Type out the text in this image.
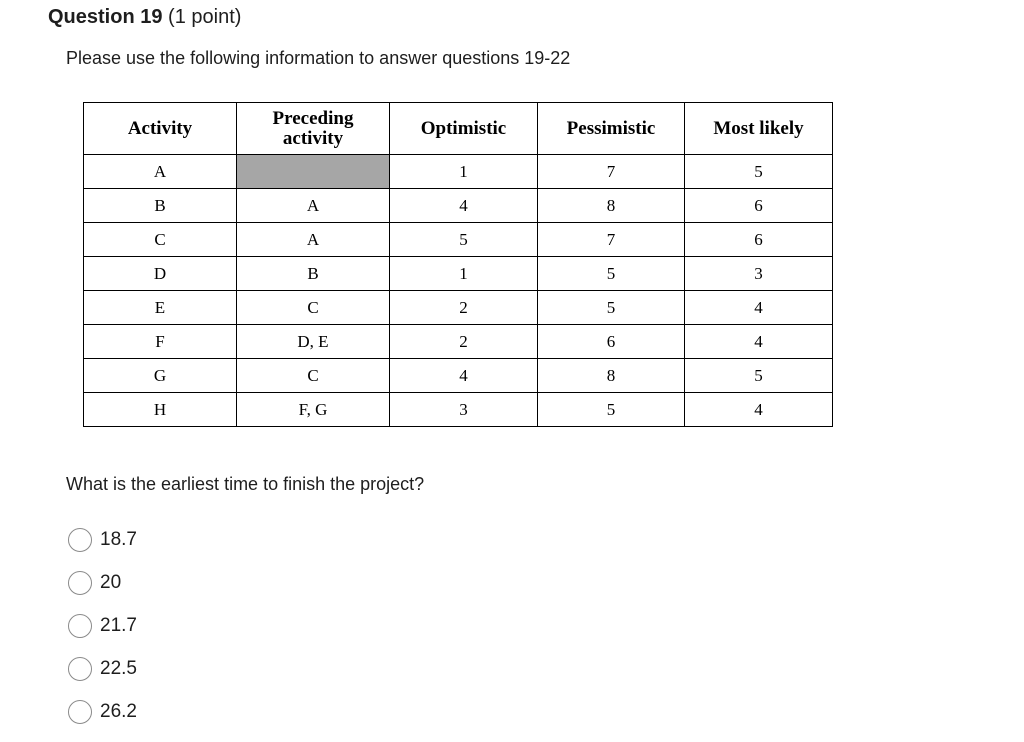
Question 19 (1 point)
Please use the following information to answer questions 19-22
Activity	Preceding activity	Optimistic	Pessimistic	Most likely
A		1	7	5
B	A	4	8	6
C	A	5	7	6
D	B	1	5	3
E	C	2	5	4
F	D, E	2	6	4
G	C	4	8	5
H	F, G	3	5	4
What is the earliest time to finish the project?
18.7
20
21.7
22.5
26.2
